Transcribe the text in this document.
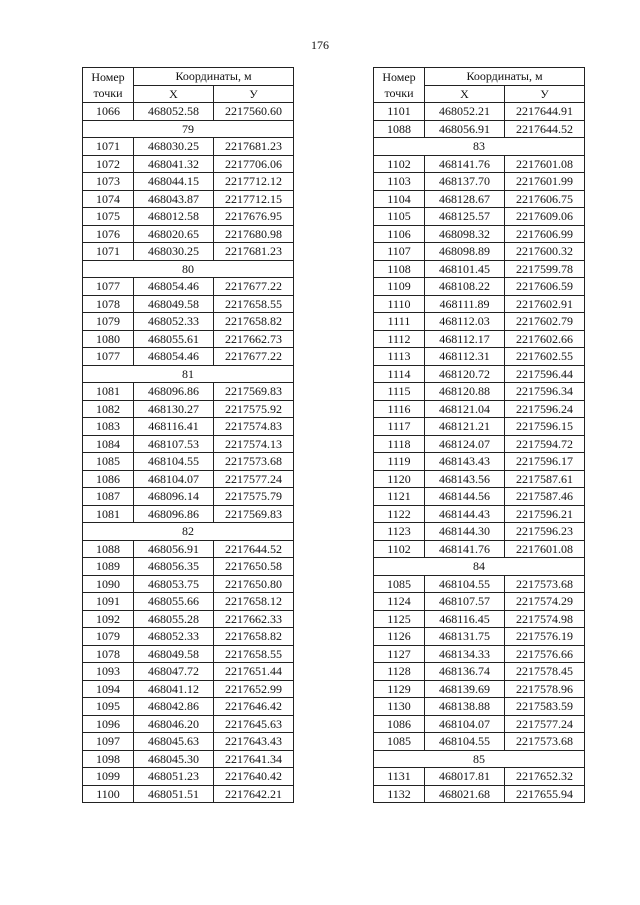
176
Номер
точки	Координаты, м	
	X	У
1066	468052.58	2217560.60
79		
1071	468030.25	2217681.23
1072	468041.32	2217706.06
1073	468044.15	2217712.12
1074	468043.87	2217712.15
1075	468012.58	2217676.95
1076	468020.65	2217680.98
1071	468030.25	2217681.23
80		
1077	468054.46	2217677.22
1078	468049.58	2217658.55
1079	468052.33	2217658.82
1080	468055.61	2217662.73
1077	468054.46	2217677.22
81		
1081	468096.86	2217569.83
1082	468130.27	2217575.92
1083	468116.41	2217574.83
1084	468107.53	2217574.13
1085	468104.55	2217573.68
1086	468104.07	2217577.24
1087	468096.14	2217575.79
1081	468096.86	2217569.83
82		
1088	468056.91	2217644.52
1089	468056.35	2217650.58
1090	468053.75	2217650.80
1091	468055.66	2217658.12
1092	468055.28	2217662.33
1079	468052.33	2217658.82
1078	468049.58	2217658.55
1093	468047.72	2217651.44
1094	468041.12	2217652.99
1095	468042.86	2217646.42
1096	468046.20	2217645.63
1097	468045.63	2217643.43
1098	468045.30	2217641.34
1099	468051.23	2217640.42
1100	468051.51	2217642.21
Номер
точки	Координаты, м	
	X	У
1101	468052.21	2217644.91
1088	468056.91	2217644.52
83		
1102	468141.76	2217601.08
1103	468137.70	2217601.99
1104	468128.67	2217606.75
1105	468125.57	2217609.06
1106	468098.32	2217606.99
1107	468098.89	2217600.32
1108	468101.45	2217599.78
1109	468108.22	2217606.59
1110	468111.89	2217602.91
1111	468112.03	2217602.79
1112	468112.17	2217602.66
1113	468112.31	2217602.55
1114	468120.72	2217596.44
1115	468120.88	2217596.34
1116	468121.04	2217596.24
1117	468121.21	2217596.15
1118	468124.07	2217594.72
1119	468143.43	2217596.17
1120	468143.56	2217587.61
1121	468144.56	2217587.46
1122	468144.43	2217596.21
1123	468144.30	2217596.23
1102	468141.76	2217601.08
84		
1085	468104.55	2217573.68
1124	468107.57	2217574.29
1125	468116.45	2217574.98
1126	468131.75	2217576.19
1127	468134.33	2217576.66
1128	468136.74	2217578.45
1129	468139.69	2217578.96
1130	468138.88	2217583.59
1086	468104.07	2217577.24
1085	468104.55	2217573.68
85		
1131	468017.81	2217652.32
1132	468021.68	2217655.94
